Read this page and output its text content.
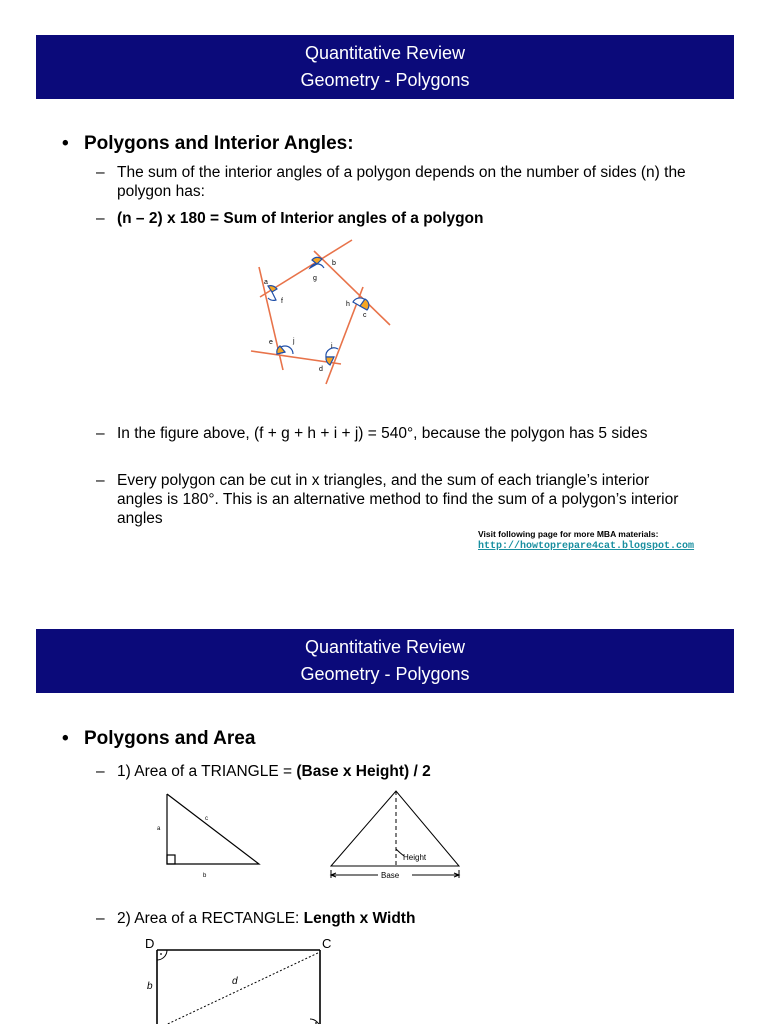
Quantitative Review
Geometry - Polygons
• Polygons and Interior Angles:
– The sum of the interior angles of a polygon depends on the number of sides (n) the polygon has:
– (n – 2) x 180 = Sum of Interior angles of a polygon
a
f
b
g
h
c
i
d
e	j
– In the figure above, (f + g + h + i + j) = 540°, because the polygon has 5 sides
– Every polygon can be cut in x triangles, and the sum of each triangle’s interior angles is 180°. This is an alternative method to find the sum of a polygon’s interior angles
Visit following page for more MBA materials:
http://howtoprepare4cat.blogspot.com
Quantitative Review
Geometry - Polygons
• Polygons and Area
– 1) Area of a TRIANGLE = (Base x Height) / 2
a
b
c
Height
Base
– 2) Area of a RECTANGLE: Length x Width
D	C
b	d
